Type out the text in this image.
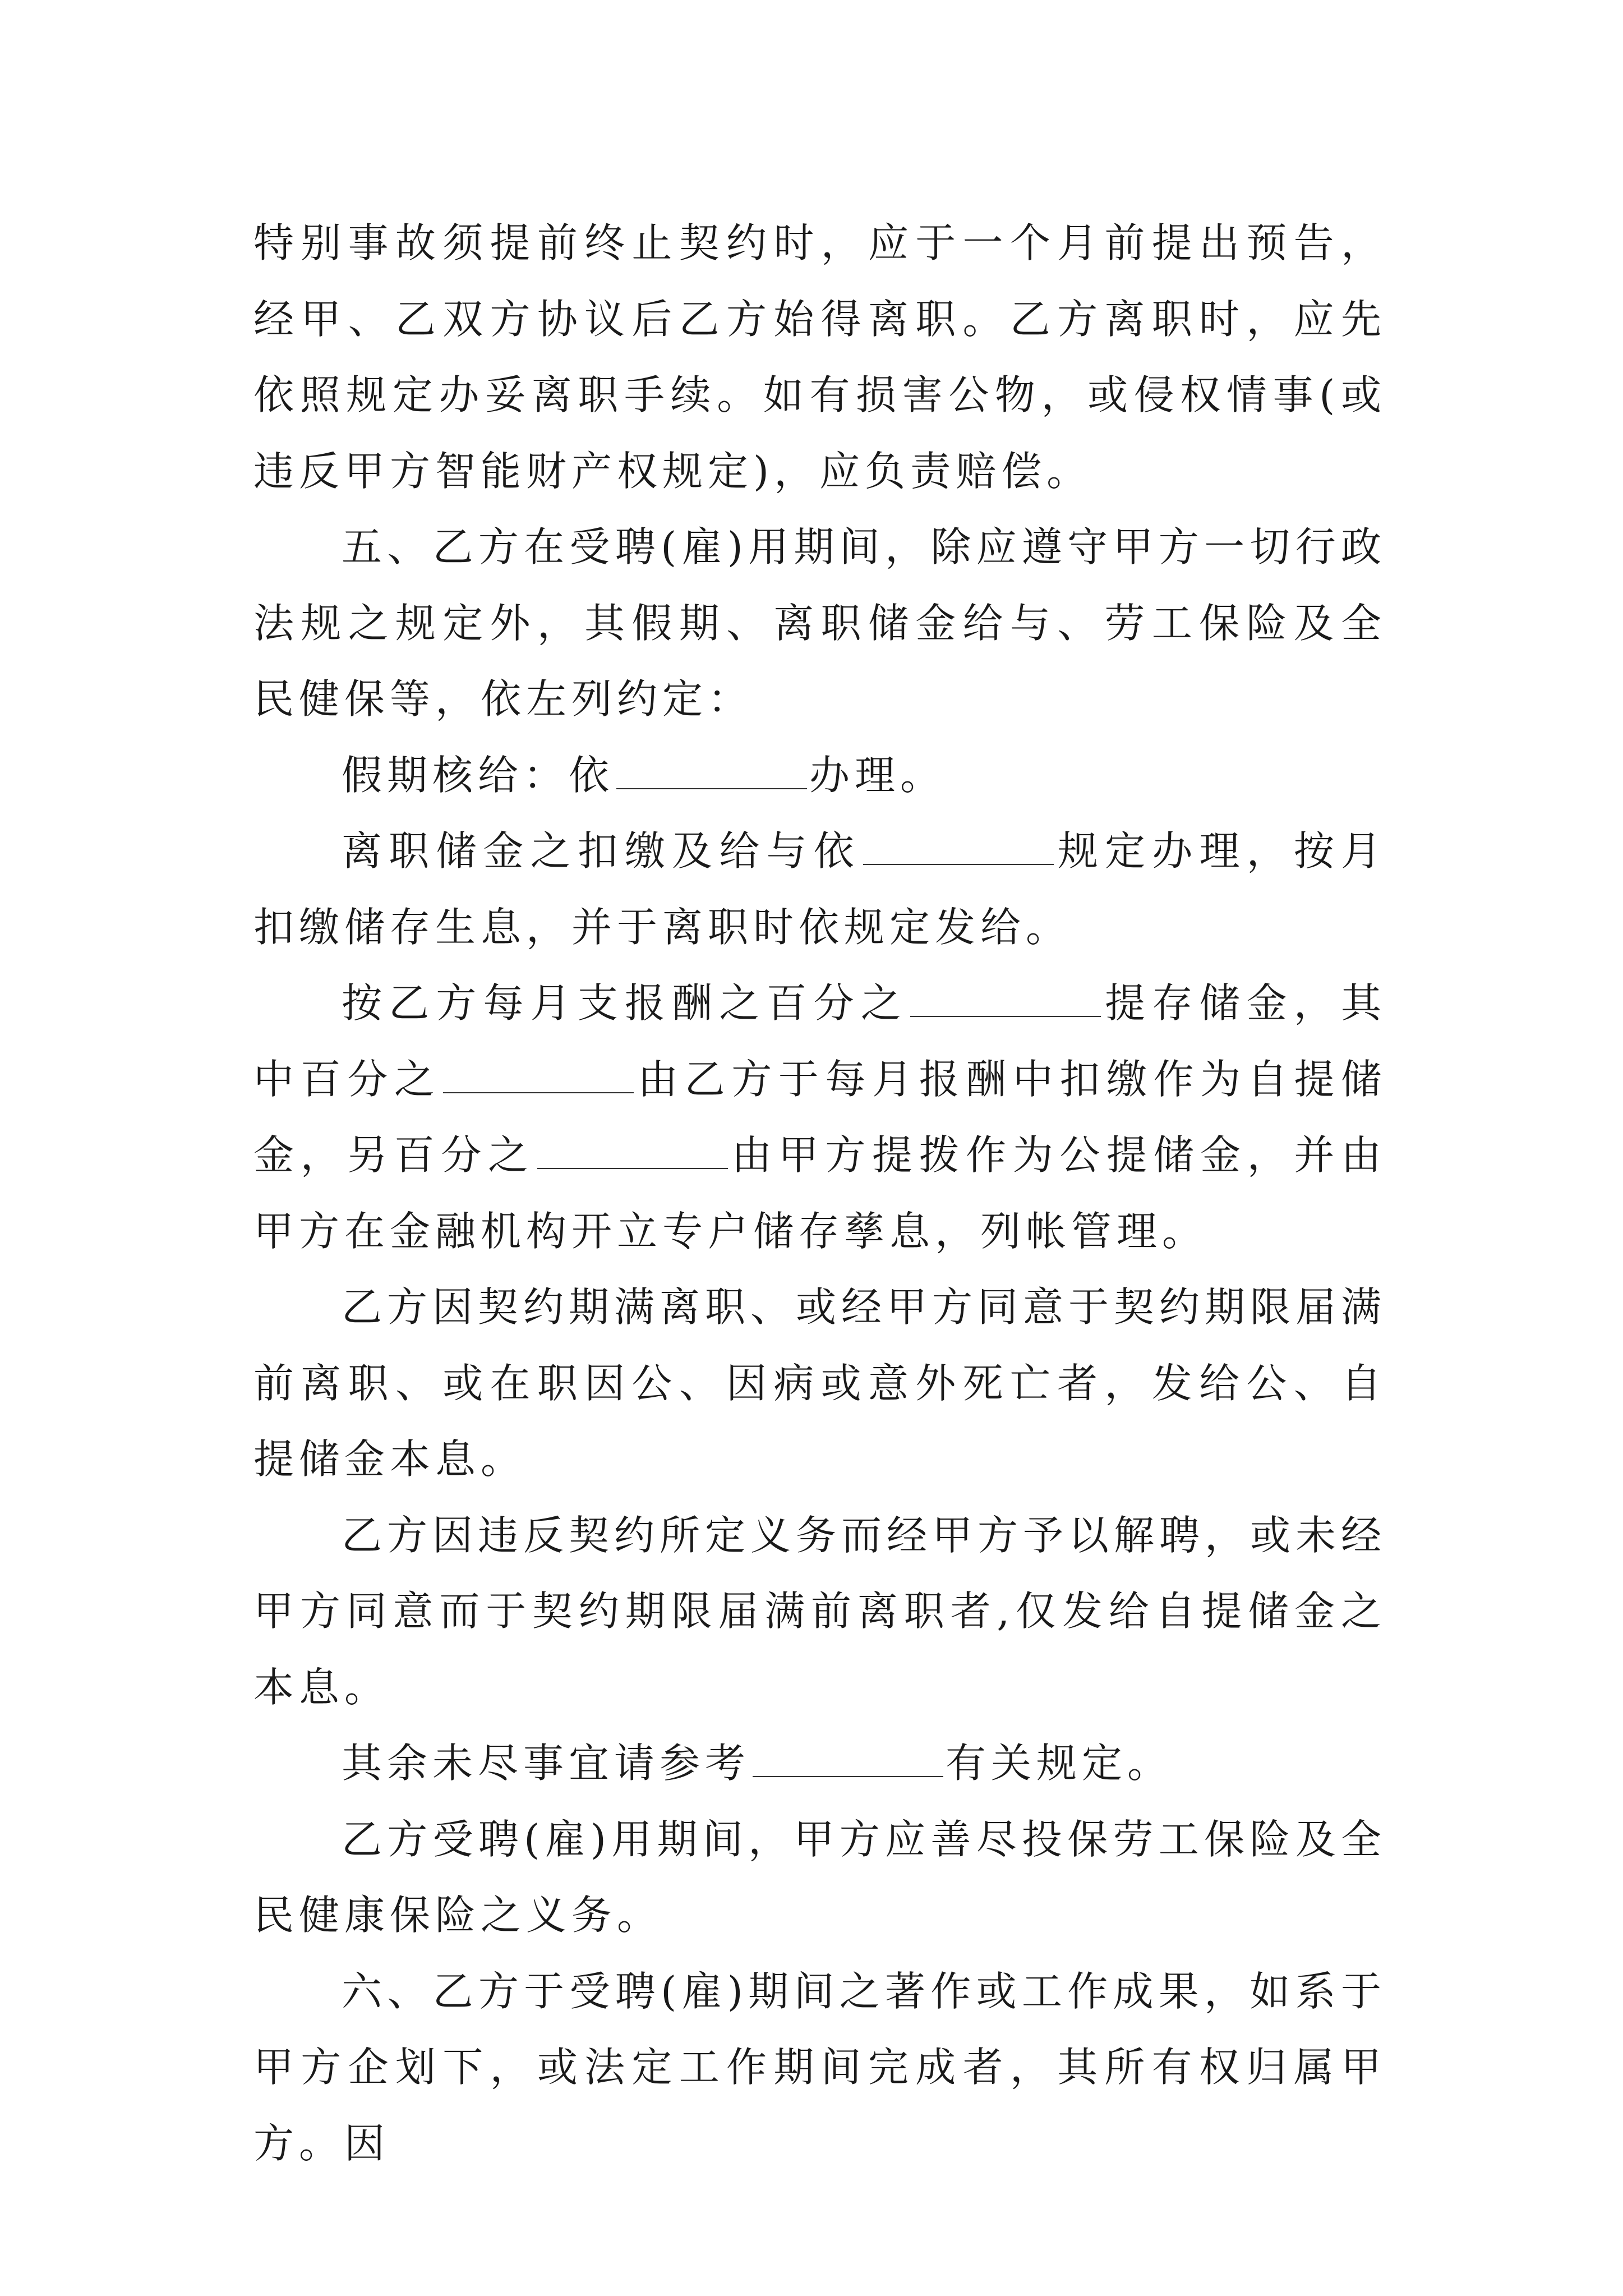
特别事故须提前终止契约时，应于一个月前提出预告，经甲、乙双方协议后乙方始得离职。乙方离职时，应先依照规定办妥离职手续。如有损害公物，或侵权情事(或违反甲方智能财产权规定)，应负责赔偿。

五、乙方在受聘(雇)用期间，除应遵守甲方一切行政法规之规定外，其假期、离职储金给与、劳工保险及全民健保等，依左列约定：

假期核给：依	办理。

离职储金之扣缴及给与依	规定办理，按月扣缴储存生息，并于离职时依规定发给。

按乙方每月支报酬之百分之	提存储金，其中百分之	由乙方于每月报酬中扣缴作为自提储金，另百分之	由甲方提拨作为公提储金，并由甲方在金融机构开立专户储存孳息，列帐管理。

乙方因契约期满离职、或经甲方同意于契约期限届满前离职、或在职因公、因病或意外死亡者，发给公、自提储金本息。

乙方因违反契约所定义务而经甲方予以解聘，或未经甲方同意而于契约期限届满前离职者,仅发给自提储金之本息。

其余未尽事宜请参考	有关规定。

乙方受聘(雇)用期间，甲方应善尽投保劳工保险及全民健康保险之义务。

六、乙方于受聘(雇)期间之著作或工作成果，如系于甲方企划下，或法定工作期间完成者，其所有权归属甲方。因
